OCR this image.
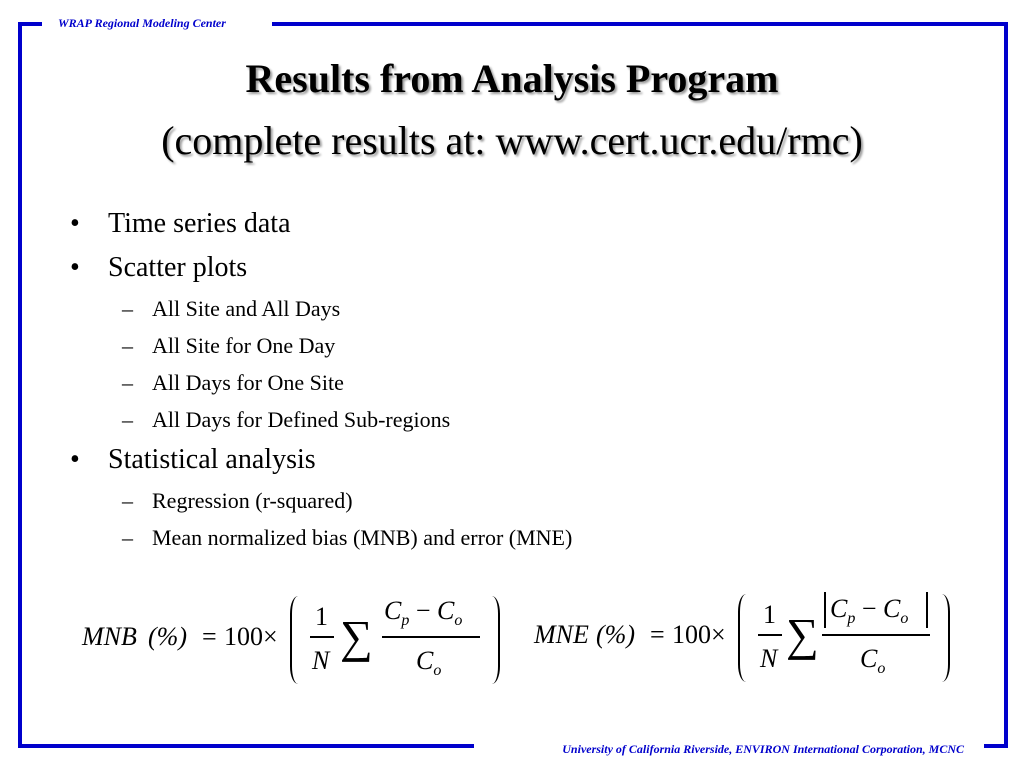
WRAP Regional Modeling Center
University of California Riverside, ENVIRON International Corporation, MCNC
Results from Analysis Program
(complete results at: www.cert.ucr.edu/rmc)
• Time series data
• Scatter plots
– All Site and All Days
– All Site for One Day
– All Days for One Site
– All Days for Defined Sub-regions
• Statistical analysis
– Regression (r-squared)
– Mean normalized bias (MNB) and error (MNE)
MNB (%) = 100×
1
N ∑
$C_p - C_o$
$C_o$
MNE (%) = 100×
1
N ∑
$C_p - C_o$
$C_o$
